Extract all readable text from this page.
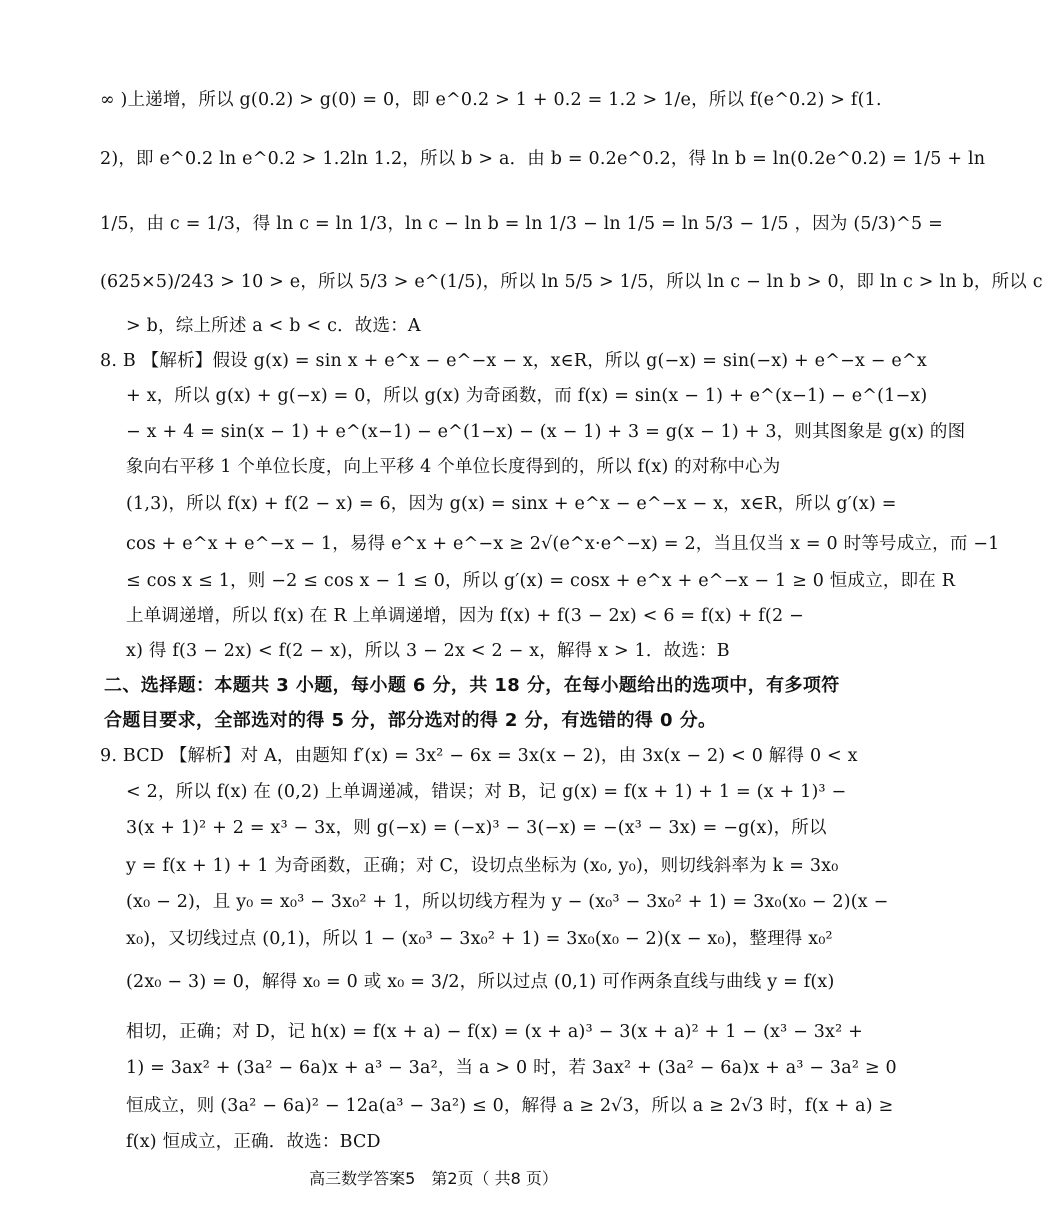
∞ )上递增，所以 g(0.2) > g(0) = 0，即 e^0.2 > 1 + 0.2 = 1.2 > 1/e，所以 f(e^0.2) > f(1.
2)，即 e^0.2 ln e^0.2 > 1.2ln 1.2，所以 b > a．由 b = 0.2e^0.2，得 ln b = ln(0.2e^0.2) = 1/5 + ln
1/5，由 c = 1/3，得 ln c = ln 1/3，ln c − ln b = ln 1/3 − ln 1/5 = ln 5/3 − 1/5 ，因为 (5/3)^5 =
(625×5)/243 > 10 > e，所以 5/3 > e^(1/5)，所以 ln 5/5 > 1/5，所以 ln c − ln b > 0，即 ln c > ln b，所以 c
> b，综上所述 a < b < c．故选：A
8. B 【解析】假设 g(x) = sin x + e^x − e^−x − x，x∈R，所以 g(−x) = sin(−x) + e^−x − e^x
+ x，所以 g(x) + g(−x) = 0，所以 g(x) 为奇函数，而 f(x) = sin(x − 1) + e^(x−1) − e^(1−x)
− x + 4 = sin(x − 1) + e^(x−1) − e^(1−x) − (x − 1) + 3 = g(x − 1) + 3，则其图象是 g(x) 的图
象向右平移 1 个单位长度，向上平移 4 个单位长度得到的，所以 f(x) 的对称中心为
(1,3)，所以 f(x) + f(2 − x) = 6，因为 g(x) = sinx + e^x − e^−x − x，x∈R，所以 g′(x) =
cos + e^x + e^−x − 1，易得 e^x + e^−x ≥ 2√(e^x·e^−x) = 2，当且仅当 x = 0 时等号成立，而 −1
≤ cos x ≤ 1，则 −2 ≤ cos x − 1 ≤ 0，所以 g′(x) = cosx + e^x + e^−x − 1 ≥ 0 恒成立，即在 R
上单调递增，所以 f(x) 在 R 上单调递增，因为 f(x) + f(3 − 2x) < 6 = f(x) + f(2 −
x) 得 f(3 − 2x) < f(2 − x)，所以 3 − 2x < 2 − x，解得 x > 1．故选：B
二、选择题：本题共 3 小题，每小题 6 分，共 18 分，在每小题给出的选项中，有多项符
合题目要求，全部选对的得 5 分，部分选对的得 2 分，有选错的得 0 分。
9. BCD 【解析】对 A，由题知 f′(x) = 3x² − 6x = 3x(x − 2)，由 3x(x − 2) < 0 解得 0 < x
< 2，所以 f(x) 在 (0,2) 上单调递减，错误；对 B，记 g(x) = f(x + 1) + 1 = (x + 1)³ −
3(x + 1)² + 2 = x³ − 3x，则 g(−x) = (−x)³ − 3(−x) = −(x³ − 3x) = −g(x)，所以
y = f(x + 1) + 1 为奇函数，正确；对 C，设切点坐标为 (x₀, y₀)，则切线斜率为 k = 3x₀
(x₀ − 2)，且 y₀ = x₀³ − 3x₀² + 1，所以切线方程为 y − (x₀³ − 3x₀² + 1) = 3x₀(x₀ − 2)(x −
x₀)，又切线过点 (0,1)，所以 1 − (x₀³ − 3x₀² + 1) = 3x₀(x₀ − 2)(x − x₀)，整理得 x₀²
(2x₀ − 3) = 0，解得 x₀ = 0 或 x₀ = 3/2，所以过点 (0,1) 可作两条直线与曲线 y = f(x)
相切，正确；对 D，记 h(x) = f(x + a) − f(x) = (x + a)³ − 3(x + a)² + 1 − (x³ − 3x² +
1) = 3ax² + (3a² − 6a)x + a³ − 3a²，当 a > 0 时，若 3ax² + (3a² − 6a)x + a³ − 3a² ≥ 0
恒成立，则 (3a² − 6a)² − 12a(a³ − 3a²) ≤ 0，解得 a ≥ 2√3，所以 a ≥ 2√3 时，f(x + a) ≥
f(x) 恒成立，正确．故选：BCD
高三数学答案5　第2页（ 共8 页）
